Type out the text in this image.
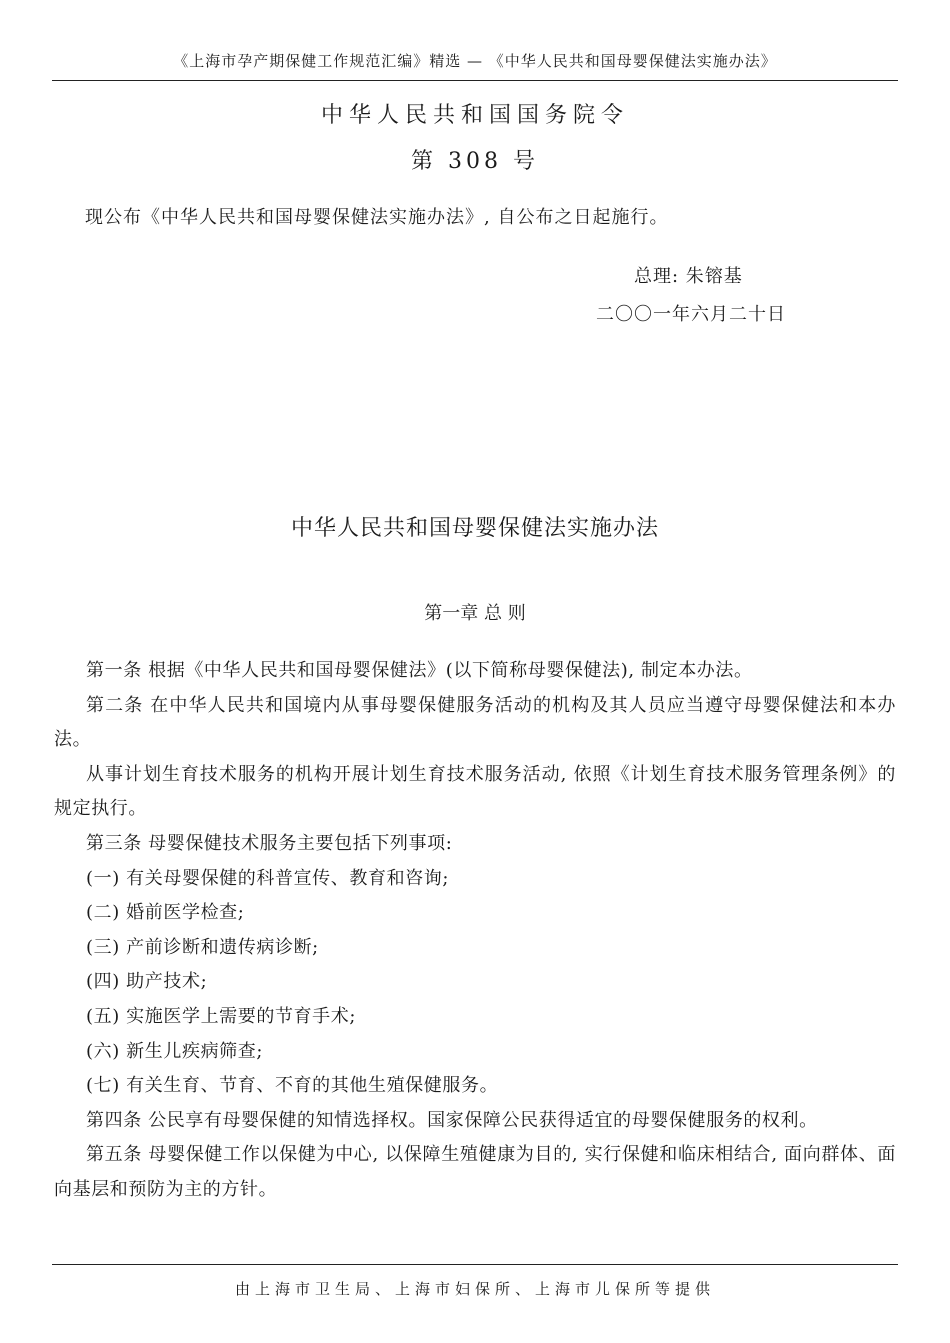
《上海市孕产期保健工作规范汇编》精选 — 《中华人民共和国母婴保健法实施办法》
中华人民共和国国务院令
第 308 号
现公布《中华人民共和国母婴保健法实施办法》, 自公布之日起施行。
总理: 朱镕基
二〇〇一年六月二十日
中华人民共和国母婴保健法实施办法
第一章 总 则

第一条 根据《中华人民共和国母婴保健法》(以下简称母婴保健法), 制定本办法。

第二条 在中华人民共和国境内从事母婴保健服务活动的机构及其人员应当遵守母婴保健法和本办法。

从事计划生育技术服务的机构开展计划生育技术服务活动, 依照《计划生育技术服务管理条例》的规定执行。

第三条 母婴保健技术服务主要包括下列事项:

(一) 有关母婴保健的科普宣传、教育和咨询;

(二) 婚前医学检查;

(三) 产前诊断和遗传病诊断;

(四) 助产技术;

(五) 实施医学上需要的节育手术;

(六) 新生儿疾病筛查;

(七) 有关生育、节育、不育的其他生殖保健服务。

第四条 公民享有母婴保健的知情选择权。国家保障公民获得适宜的母婴保健服务的权利。

第五条 母婴保健工作以保健为中心, 以保障生殖健康为目的, 实行保健和临床相结合, 面向群体、面向基层和预防为主的方针。

由上海市卫生局、上海市妇保所、上海市儿保所等提供
